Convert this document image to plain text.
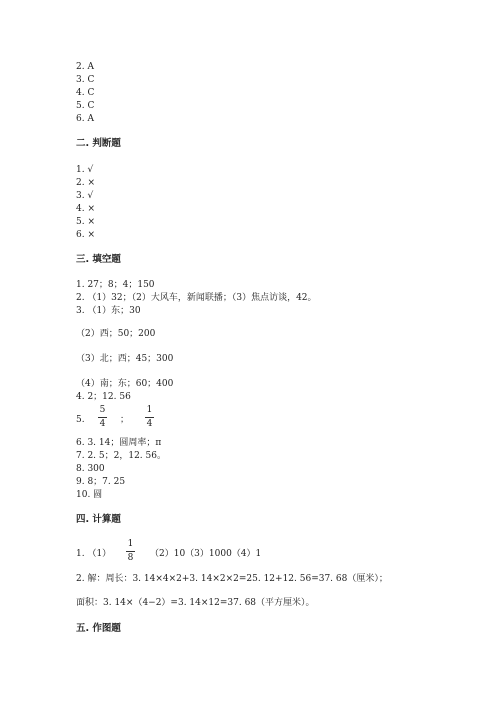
2. A
3. C
4. C
5. C
6. A
二. 判断题
1. √
2. ×
3. √
4. ×
5. ×
6. ×
三. 填空题
1. 27；8；4；150
2. （1）32；（2）大风车，新闻联播；（3）焦点访谈，42。
3. （1）东；30
（2）西；50；200
（3）北；西；45；300
（4）南；东；60；400
4. 2；12. 56
5.
5
4 ；
1
4
6. 3. 14；圆周率；π
7. 2. 5；2，12. 56。
8. 300
9. 8；7. 25
10. 圆
四. 计算题
1. （1）
1
8 （2）10（3）1000（4）1
2. 解：周长：3. 14×4×2+3. 14×2×2=25. 12+12. 56=37. 68（厘米）；
面积：3. 14×（4−2）=3. 14×12=37. 68（平方厘米）。
五. 作图题
